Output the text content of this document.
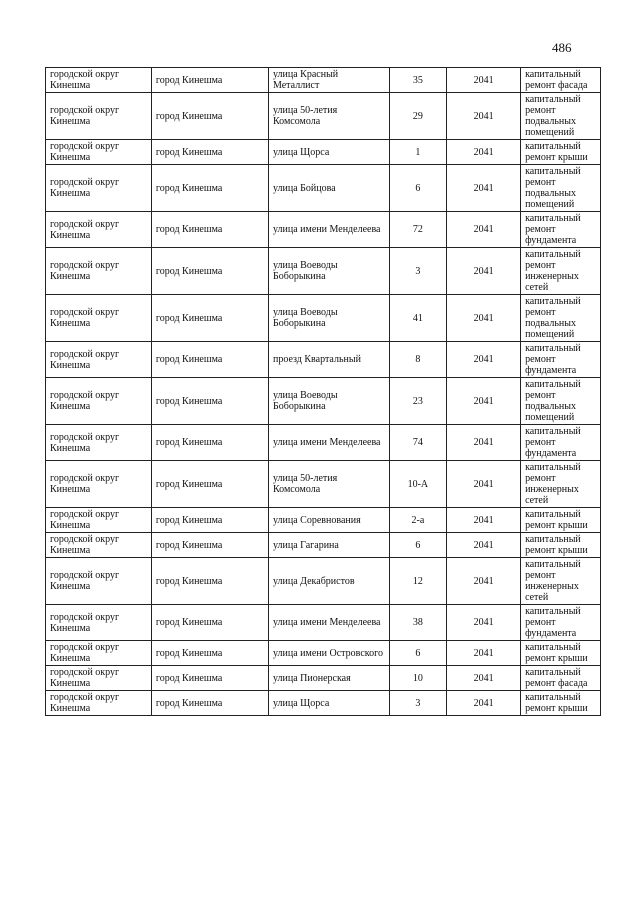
486
городской округ Кинешма	город Кинешма	улица Красный Металлист	35	2041	капитальный ремонт фасада
городской округ Кинешма	город Кинешма	улица 50-летия Комсомола	29	2041	капитальный ремонт подвальных помещений
городской округ Кинешма	город Кинешма	улица Щорса	1	2041	капитальный ремонт крыши
городской округ Кинешма	город Кинешма	улица Бойцова	6	2041	капитальный ремонт подвальных помещений
городской округ Кинешма	город Кинешма	улица имени Менделеева	72	2041	капитальный ремонт фундамента
городской округ Кинешма	город Кинешма	улица Воеводы Боборыкина	3	2041	капитальный ремонт инженерных сетей
городской округ Кинешма	город Кинешма	улица Воеводы Боборыкина	41	2041	капитальный ремонт подвальных помещений
городской округ Кинешма	город Кинешма	проезд Квартальный	8	2041	капитальный ремонт фундамента
городской округ Кинешма	город Кинешма	улица Воеводы Боборыкина	23	2041	капитальный ремонт подвальных помещений
городской округ Кинешма	город Кинешма	улица имени Менделеева	74	2041	капитальный ремонт фундамента
городской округ Кинешма	город Кинешма	улица 50-летия Комсомола	10-А	2041	капитальный ремонт инженерных сетей
городской округ Кинешма	город Кинешма	улица Соревнования	2-а	2041	капитальный ремонт крыши
городской округ Кинешма	город Кинешма	улица Гагарина	6	2041	капитальный ремонт крыши
городской округ Кинешма	город Кинешма	улица Декабристов	12	2041	капитальный ремонт инженерных сетей
городской округ Кинешма	город Кинешма	улица имени Менделеева	38	2041	капитальный ремонт фундамента
городской округ Кинешма	город Кинешма	улица имени Островского	6	2041	капитальный ремонт крыши
городской округ Кинешма	город Кинешма	улица Пионерская	10	2041	капитальный ремонт фасада
городской округ Кинешма	город Кинешма	улица Щорса	3	2041	капитальный ремонт крыши
